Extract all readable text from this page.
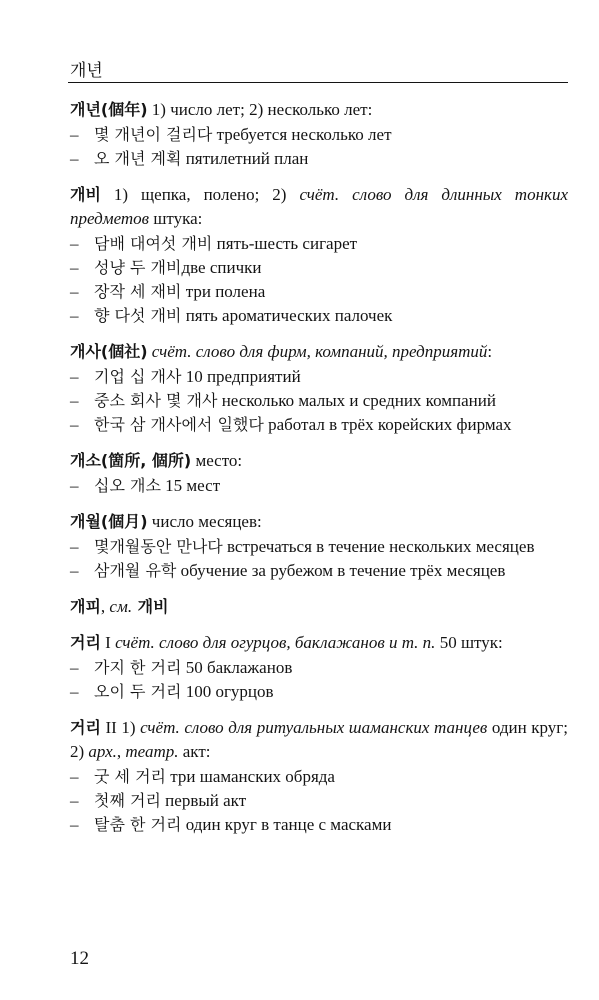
개년

개년(個年) 1) число лет; 2) несколько лет:

– 몇 개년이 걸리다 требуется несколько лет
– 오 개년 계획 пятилетний план

개비 1) щепка, полено; 2) счёт. слово для длинных тонких предметов штука:

– 담배 대여섯 개비 пять-шесть сигарет
– 성냥 두 개비две спички
– 장작 세 재비 три полена
– 향 다섯 개비 пять ароматических палочек

개사(個社) счёт. слово для фирм, компаний, предприятий:

– 기업 십 개사 10 предприятий
– 중소 회사 몇 개사 несколько малых и средних компаний
– 한국 삼 개사에서 일했다 работал в трёх корейских фирмах

개소(箇所, 個所) место:

– 십오 개소 15 мест

개월(個月) число месяцев:

– 몇개월동안 만나다 встречаться в течение нескольких месяцев
– 삼개월 유학 обучение за рубежом в течение трёх месяцев

개피, см. 개비

거리 I счёт. слово для огурцов, баклажанов и т. п. 50 штук:

– 가지 한 거리 50 баклажанов
– 오이 두 거리 100 огурцов

거리 II 1) счёт. слово для ритуальных шаманских танцев один круг; 2) арх., театр. акт:

– 굿 세 거리 три шаманских обряда
– 첫째 거리 первый акт
– 탈춤 한 거리 один круг в танце с масками
12
